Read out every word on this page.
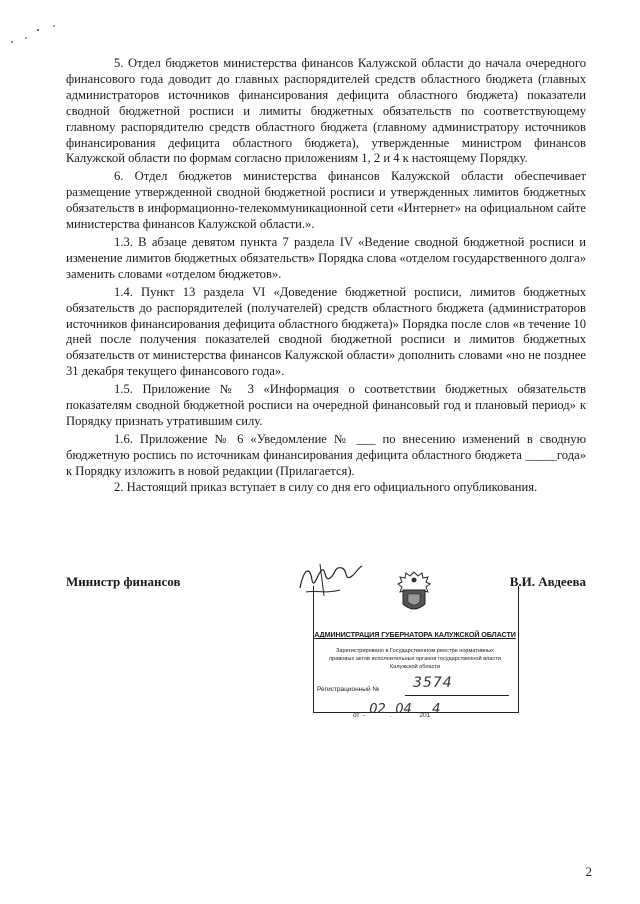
5. Отдел бюджетов министерства финансов Калужской области до начала очередного финансового года доводит до главных распорядителей средств областного бюджета (главных администраторов источников финансирования дефицита областного бюджета) показатели сводной бюджетной росписи и лимиты бюджетных обязательств по соответствующему главному распорядителю средств областного бюджета (главному администратору источников финансирования дефицита областного бюджета), утвержденные министром финансов Калужской области по формам согласно приложениям 1, 2 и 4 к настоящему Порядку.

6. Отдел бюджетов министерства финансов Калужской области обеспечивает размещение утвержденной сводной бюджетной росписи и утвержденных лимитов бюджетных обязательств в информационно-телекоммуникационной сети «Интернет» на официальном сайте министерства финансов Калужской области.».

1.3. В абзаце девятом пункта 7 раздела IV «Ведение сводной бюджетной росписи и изменение лимитов бюджетных обязательств» Порядка слова «отделом государственного долга» заменить словами «отделом бюджетов».

1.4. Пункт 13 раздела VI «Доведение бюджетной росписи, лимитов бюджетных обязательств до распорядителей (получателей) средств областного бюджета (администраторов источников финансирования дефицита областного бюджета)» Порядка после слов «в течение 10 дней после получения показателей сводной бюджетной росписи и лимитов бюджетных обязательств от министерства финансов Калужской области» дополнить словами «но не позднее 31 декабря текущего финансового года».

1.5. Приложение № 3 «Информация о соответствии бюджетных обязательств показателям сводной бюджетной росписи на очередной финансовый год и плановый период» к Порядку признать утратившим силу.

1.6. Приложение № 6 «Уведомление № ___ по внесению изменений в сводную бюджетную роспись по источникам финансирования дефицита областного бюджета _____года» к Порядку изложить в новой редакции (Прилагается).

2. Настоящий приказ вступает в силу со дня его официального опубликования.

Министр финансов	В.И. Авдеева
АДМИНИСТРАЦИЯ ГУБЕРНАТОРА КАЛУЖСКОЙ ОБЛАСТИ
Зарегистрировано в Государственном реестре нормативных
правовых актов исполнительных органов государственной власти
Калужской области
Регистрационный № 3574
от - 02 . 04 201 4
2
